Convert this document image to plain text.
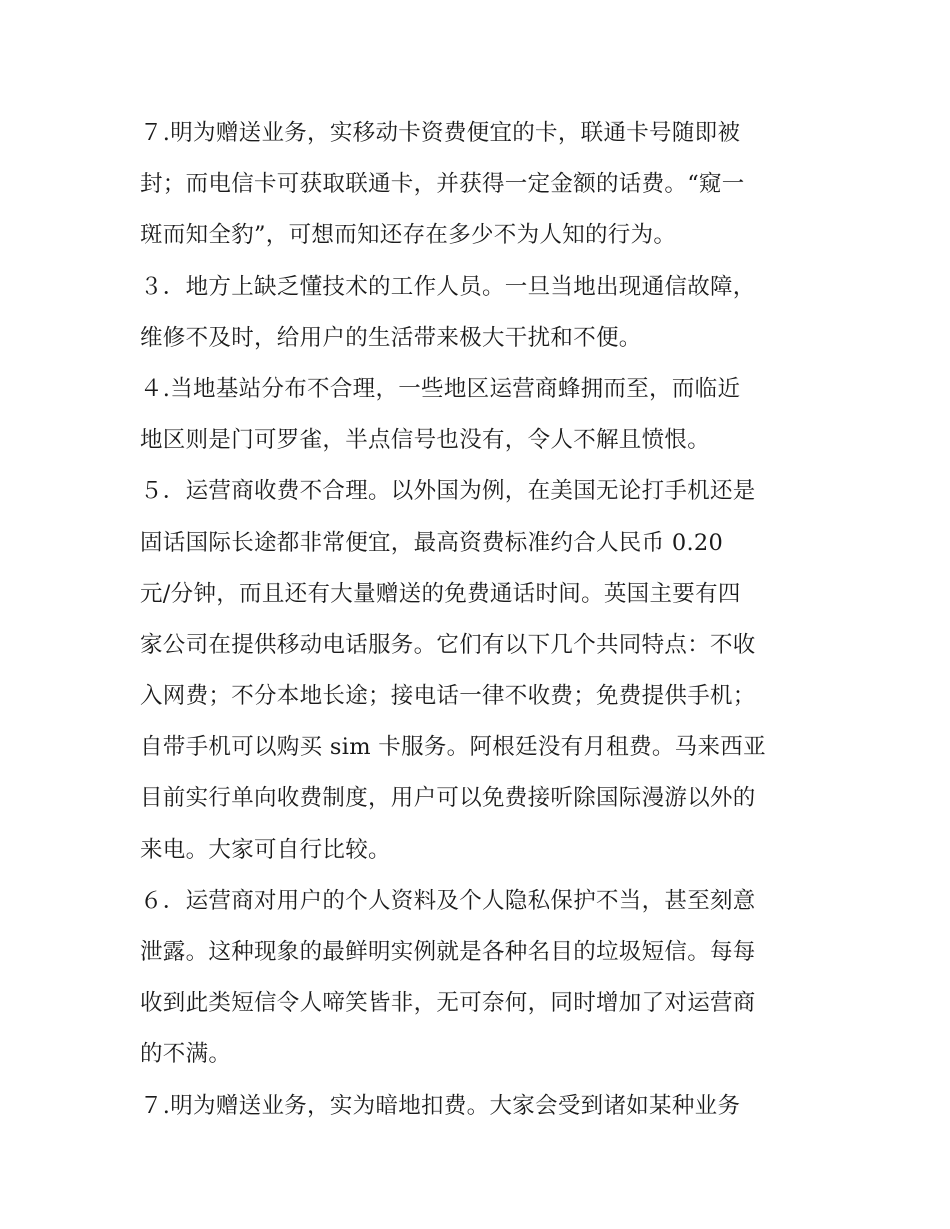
７.明为赠送业务，实移动卡资费便宜的卡，联通卡号随即被
封；而电信卡可获取联通卡，并获得一定金额的话费。“窥一
斑而知全豹”，可想而知还存在多少不为人知的行为。
３．地方上缺乏懂技术的工作人员。一旦当地出现通信故障，
维修不及时，给用户的生活带来极大干扰和不便。
４.当地基站分布不合理，一些地区运营商蜂拥而至，而临近
地区则是门可罗雀，半点信号也没有，令人不解且愤恨。
５．运营商收费不合理。以外国为例，在美国无论打手机还是
固话国际长途都非常便宜，最高资费标准约合人民币 0.20
元/分钟，而且还有大量赠送的免费通话时间。英国主要有四
家公司在提供移动电话服务。它们有以下几个共同特点：不收
入网费；不分本地长途；接电话一律不收费；免费提供手机；
自带手机可以购买 sim 卡服务。阿根廷没有月租费。马来西亚
目前实行单向收费制度，用户可以免费接听除国际漫游以外的
来电。大家可自行比较。
６．运营商对用户的个人资料及个人隐私保护不当，甚至刻意
泄露。这种现象的最鲜明实例就是各种名目的垃圾短信。每每
收到此类短信令人啼笑皆非，无可奈何，同时增加了对运营商
的不满。
７.明为赠送业务，实为暗地扣费。大家会受到诸如某种业务
